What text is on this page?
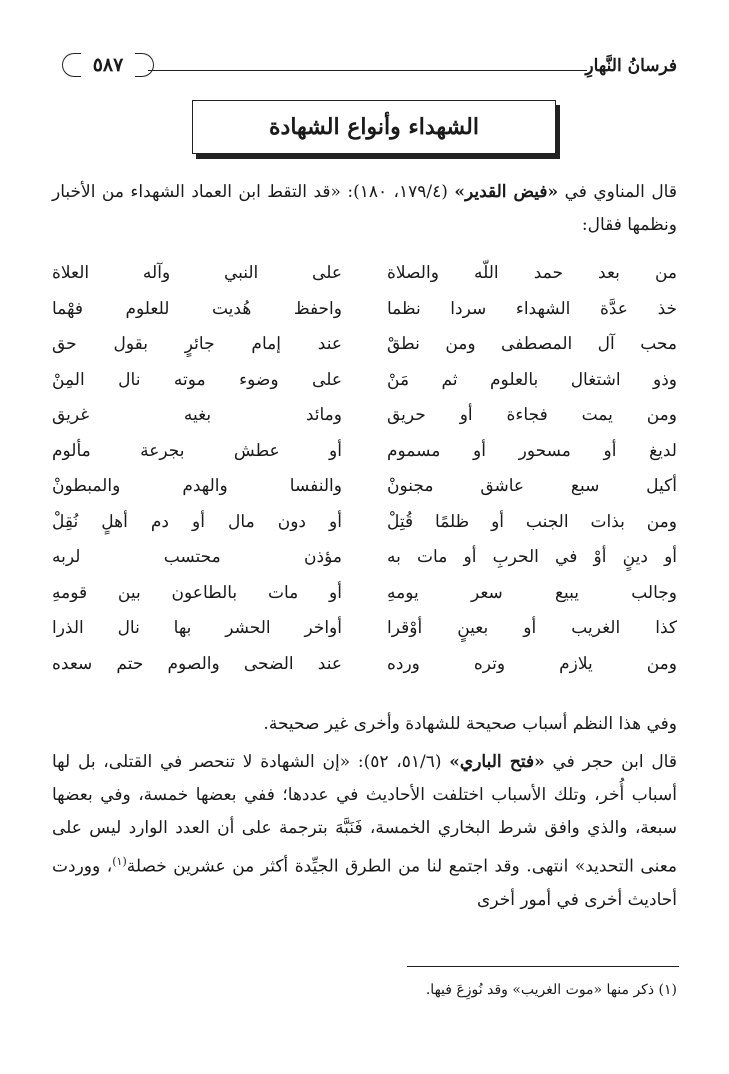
فرسانُ النَّهارِ
٥٨٧
الشهداء وأنواع الشهادة

قال المناوي في «فيض القدير» (١٧٩/٤، ١٨٠): «قد التقط ابن العماد الشهداء من الأخبار ونظمها فقال:

من بعد حمد اللّه والصلاة
على النبي وآله العلاة
خذ عدَّة الشهداء سردا نظما
واحفظ هُديت للعلوم فهْما
محب آل المصطفى ومن نطقْ
عند إمام جائرٍ بقول حق
وذو اشتغال بالعلوم ثم مَنْ
على وضوء موته نال المِنْ
ومن يمت فجاءة أو حريق
ومائد بغيه غريق
لديغ أو مسحور أو مسموم
أو عطش بجرعة مألوم
أكيل سبع عاشق مجنونْ
والنفسا والهدم والمبطونْ
ومن بذات الجنب أو ظلمًا قُتِلْ
أو دون مال أو دم أهلٍ نُقِلْ
أو دينٍ أوْ في الحربِ أو مات به
مؤذن محتسب لربه
وجالب يبيع سعر يومهِ
أو مات بالطاعون بين قومهِ
كذا الغريب أو بعينٍ أوْقرا
أواخر الحشر بها نال الذرا
ومن يلازم وتره ورده
عند الضحى والصوم حتم سعده

وفي هذا النظم أسباب صحيحة للشهادة وأخرى غير صحيحة.

قال ابن حجر في «فتح الباري» (٥١/٦، ٥٢): «إن الشهادة لا تنحصر في القتلى، بل لها أسباب أُخر، وتلك الأسباب اختلفت الأحاديث في عددها؛ ففي بعضها خمسة، وفي بعضها سبعة، والذي وافق شرط البخاري الخمسة، فَنَبَّهَ بترجمة على أن العدد الوارد ليس على معنى التحديد» انتهى. وقد اجتمع لنا من الطرق الجيِّدة أكثر من عشرين خصلة$^{(١)}$، ووردت أحاديث أخرى في أمور أخرى

(١) ذكر منها «موت الغريب» وقد نُوزِعَ فيها.
